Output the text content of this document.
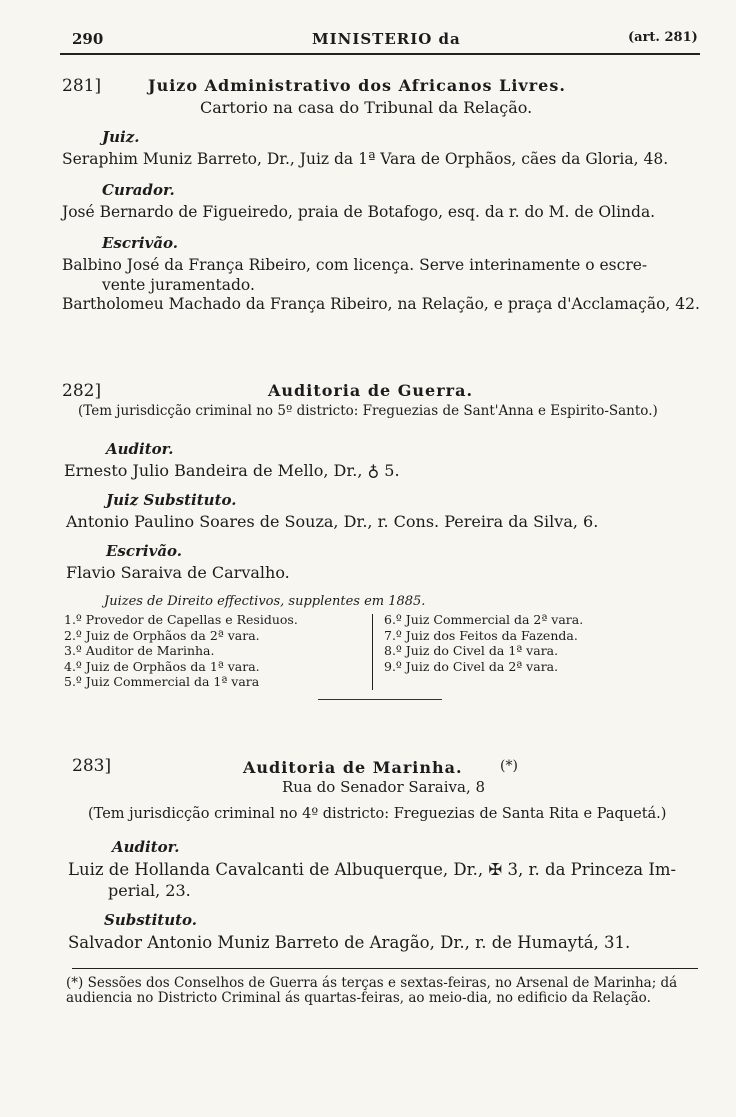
290	MINISTERIO da	(art. 281)
281]	Juizo Administrativo dos Africanos Livres.
Cartorio na casa do Tribunal da Relação.
Juiz.
Seraphim Muniz Barreto, Dr., Juiz da 1ª Vara de Orphãos, cães da Gloria, 48.
Curador.
José Bernardo de Figueiredo, praia de Botafogo, esq. da r. do M. de Olinda.
Escrivão.
Balbino José da França Ribeiro, com licença. Serve interinamente o escre-
vente juramentado.
Bartholomeu Machado da França Ribeiro, na Relação, e praça d'Acclamação, 42.
282]	Auditoria de Guerra.
(Tem jurisdicção criminal no 5º districto: Freguezias de Sant'Anna e Espirito-Santo.)
Auditor.
Ernesto Julio Bandeira de Mello, Dr., ♁ 5.
Juiz Substituto.
Antonio Paulino Soares de Souza, Dr., r. Cons. Pereira da Silva, 6.
Escrivão.
Flavio Saraiva de Carvalho.
Juizes de Direito effectivos, supplentes em 1885.
1.º Provedor de Capellas e Residuos.
2.º Juiz de Orphãos da 2ª vara.
3.º Auditor de Marinha.
4.º Juiz de Orphãos da 1ª vara.
5.º Juiz Commercial da 1ª vara
6.º Juiz Commercial da 2ª vara.
7.º Juiz dos Feitos da Fazenda.
8.º Juiz do Civel da 1ª vara.
9.º Juiz do Civel da 2ª vara.
283]	Auditoria de Marinha.	(*)
Rua do Senador Saraiva, 8
(Tem jurisdicção criminal no 4º districto: Freguezias de Santa Rita e Paquetá.)
Auditor.
Luiz de Hollanda Cavalcanti de Albuquerque, Dr., ✠ 3, r. da Princeza Im-
perial, 23.
Substituto.
Salvador Antonio Muniz Barreto de Aragão, Dr., r. de Humaytá, 31.
(*) Sessões dos Conselhos de Guerra ás terças e sextas-feiras, no Arsenal de Marinha; dá audiencia no Districto Criminal ás quartas-feiras, ao meio-dia, no edificio da Relação.
